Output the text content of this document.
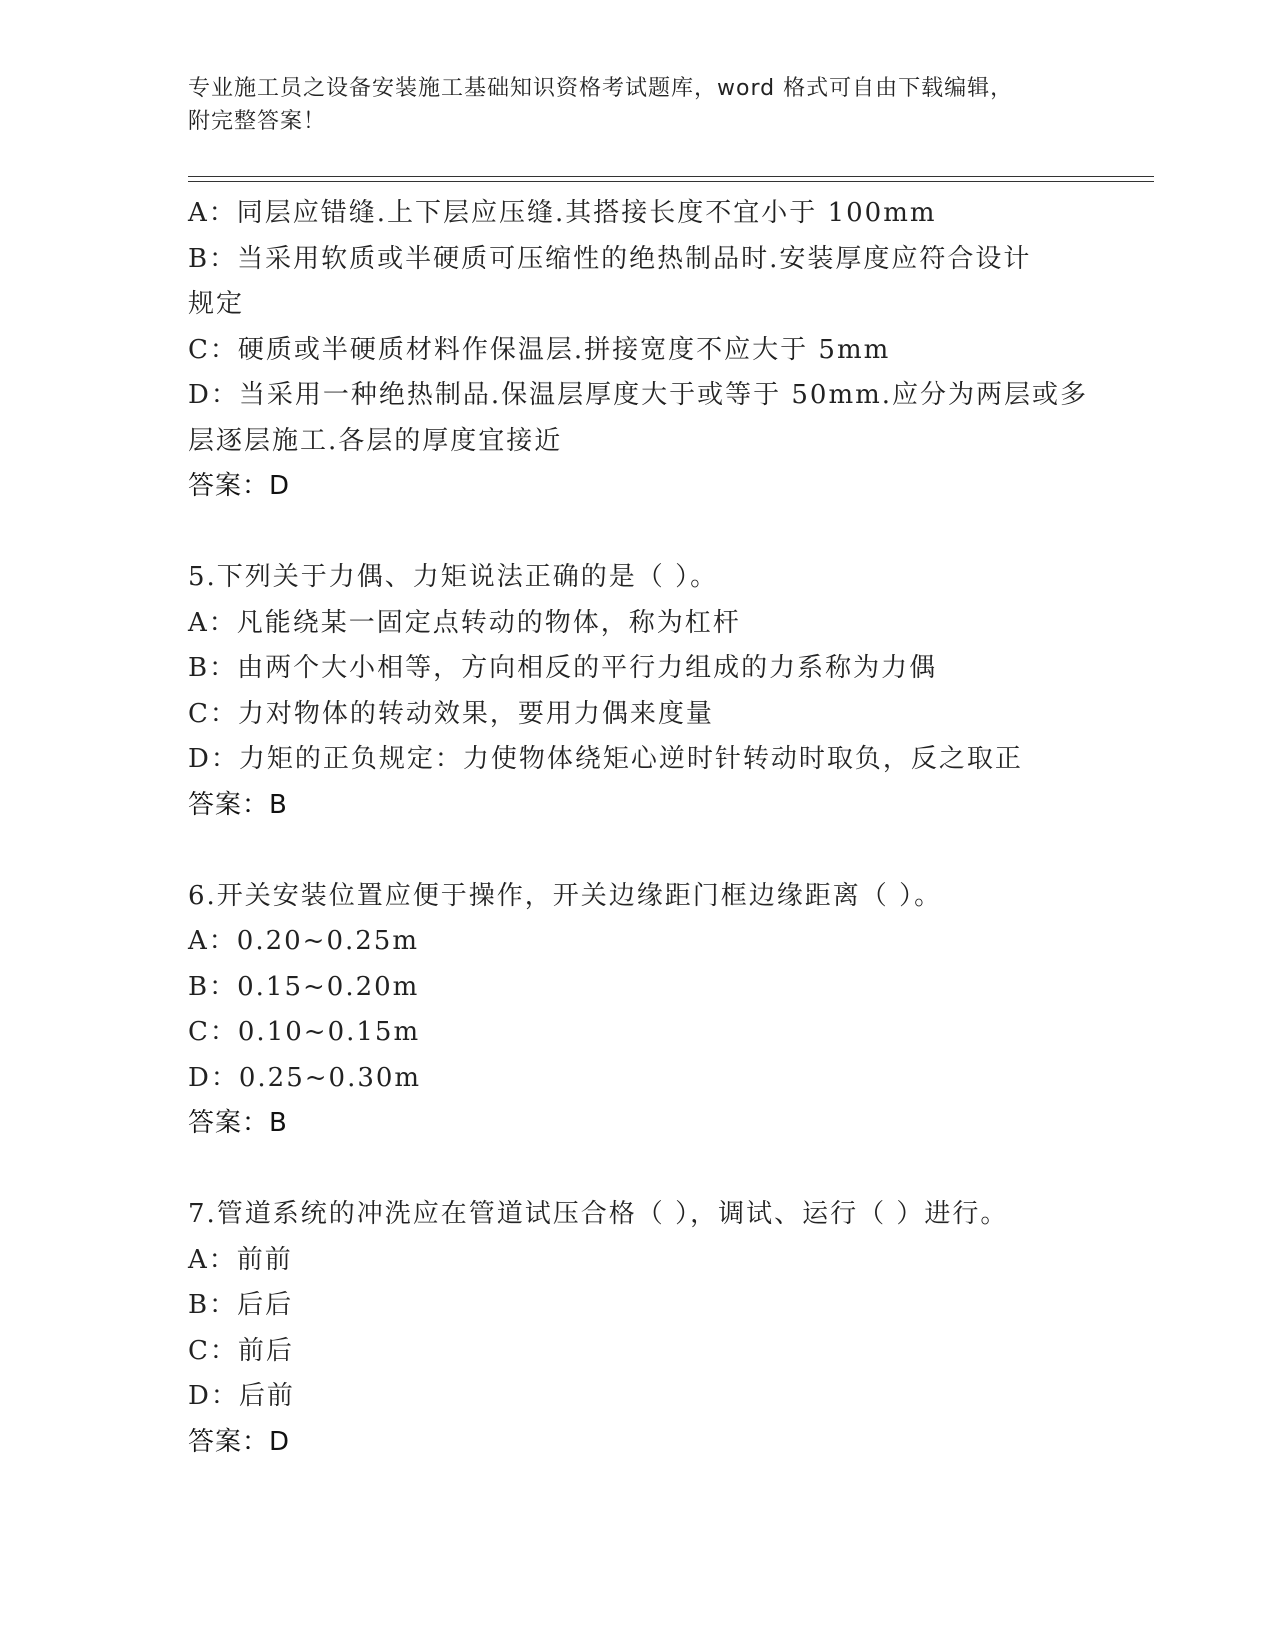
专业施工员之设备安装施工基础知识资格考试题库，word 格式可自由下载编辑，
附完整答案！
A：同层应错缝.上下层应压缝.其搭接长度不宜小于 100mm
B：当采用软质或半硬质可压缩性的绝热制品时.安装厚度应符合设计
规定
C：硬质或半硬质材料作保温层.拼接宽度不应大于 5mm
D：当采用一种绝热制品.保温层厚度大于或等于 50mm.应分为两层或多
层逐层施工.各层的厚度宜接近
答案：D
5.下列关于力偶、力矩说法正确的是（ ）。
A：凡能绕某一固定点转动的物体，称为杠杆
B：由两个大小相等，方向相反的平行力组成的力系称为力偶
C：力对物体的转动效果，要用力偶来度量
D：力矩的正负规定：力使物体绕矩心逆时针转动时取负，反之取正
答案：B
6.开关安装位置应便于操作，开关边缘距门框边缘距离（ ）。
A：0.20~0.25m
B：0.15~0.20m
C：0.10~0.15m
D：0.25~0.30m
答案：B
7.管道系统的冲洗应在管道试压合格（ ），调试、运行（ ）进行。
A：前前
B：后后
C：前后
D：后前
答案：D
